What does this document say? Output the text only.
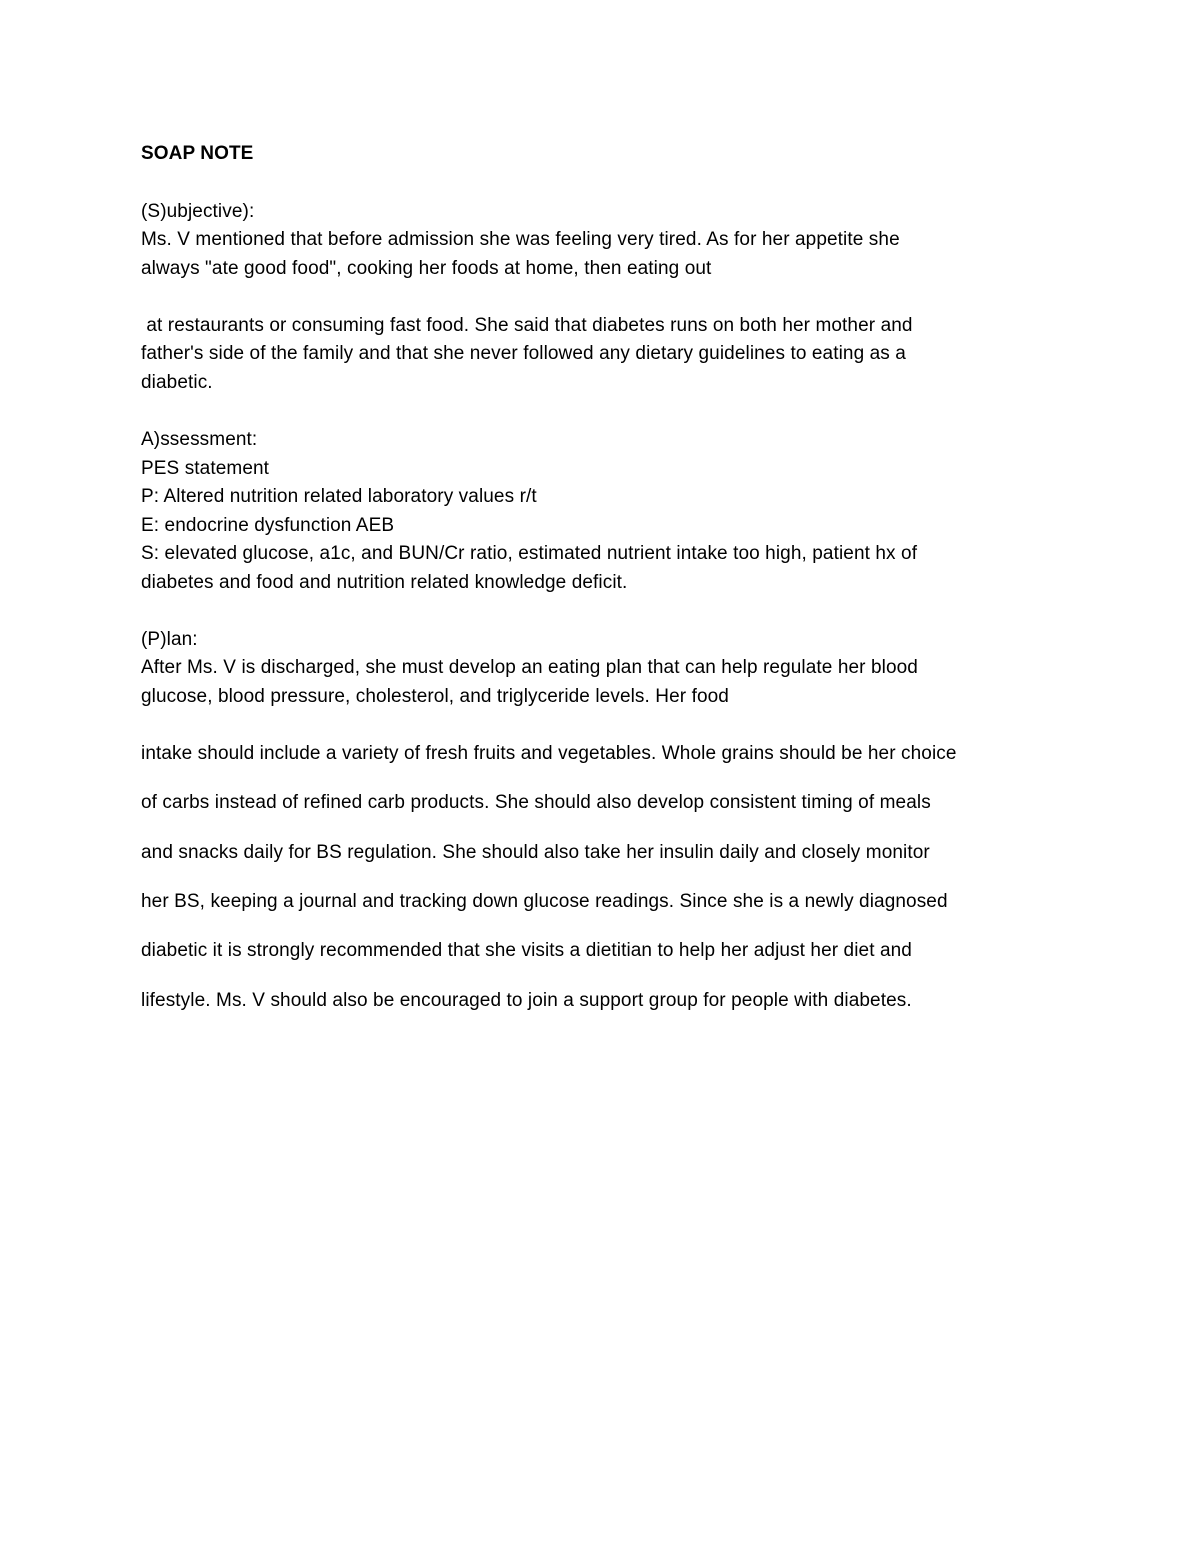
SOAP NOTE
(S)ubjective):
Ms. V mentioned that before admission she was feeling very tired. As for her appetite she
always "ate good food", cooking her foods at home, then eating out
at restaurants or consuming fast food. She said that diabetes runs on both her mother and
father's side of the family and that she never followed any dietary guidelines to eating as a
diabetic.
A)ssessment:
PES statement
P: Altered nutrition related laboratory values r/t
E: endocrine dysfunction AEB
S: elevated glucose, a1c, and BUN/Cr ratio, estimated nutrient intake too high, patient hx of
diabetes and food and nutrition related knowledge deficit.
(P)lan:
After Ms. V is discharged, she must develop an eating plan that can help regulate her blood
glucose, blood pressure, cholesterol, and triglyceride levels. Her food
intake should include a variety of fresh fruits and vegetables. Whole grains should be her choice
of carbs instead of refined carb products. She should also develop consistent timing of meals
and snacks daily for BS regulation. She should also take her insulin daily and closely monitor
her BS, keeping a journal and tracking down glucose readings. Since she is a newly diagnosed
diabetic it is strongly recommended that she visits a dietitian to help her adjust her diet and
lifestyle. Ms. V should also be encouraged to join a support group for people with diabetes.
